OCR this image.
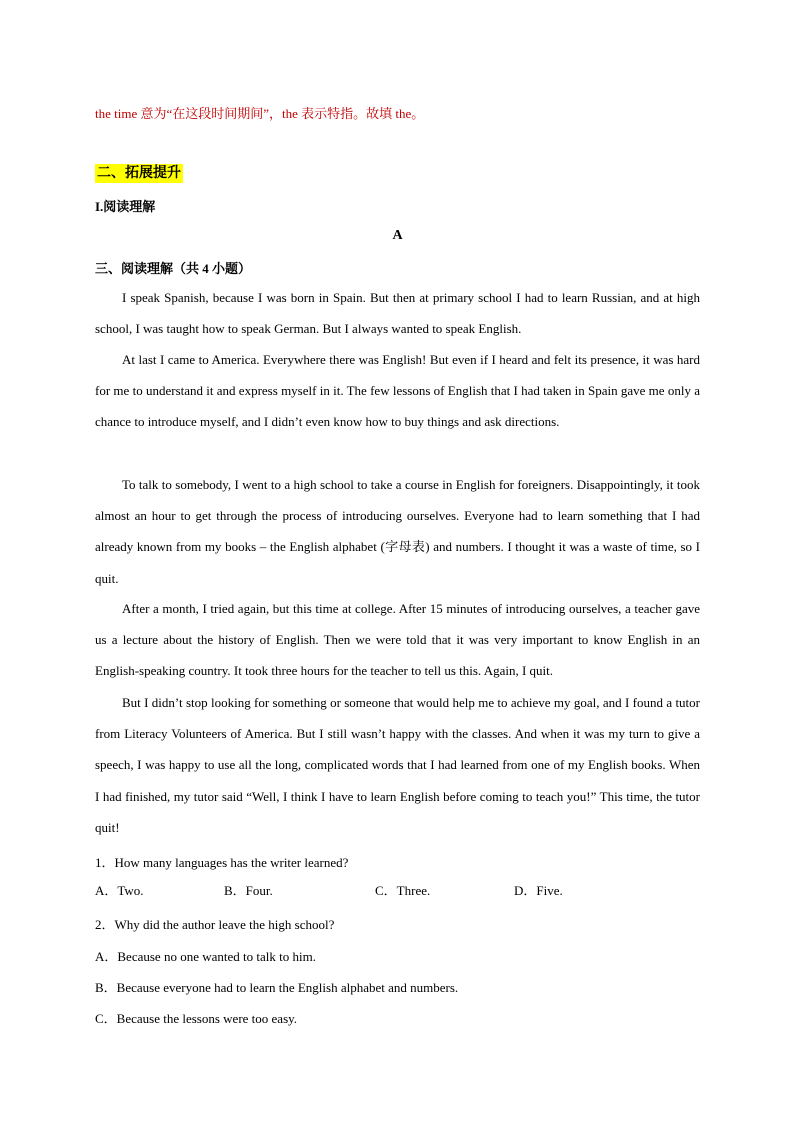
the time 意为“在这段时间期间”，the 表示特指。故填 the。
二、拓展提升
I.阅读理解
A
三、阅读理解（共 4 小题）

I speak Spanish, because I was born in Spain. But then at primary school I had to learn Russian, and at high school, I was taught how to speak German. But I always wanted to speak English.

At last I came to America. Everywhere there was English! But even if I heard and felt its presence, it was hard for me to understand it and express myself in it. The few lessons of English that I had taken in Spain gave me only a chance to introduce myself, and I didn’t even know how to buy things and ask directions.

To talk to somebody, I went to a high school to take a course in English for foreigners. Disappointingly, it took almost an hour to get through the process of introducing ourselves. Everyone had to learn something that I had already known from my books – the English alphabet (字母表) and numbers. I thought it was a waste of time, so I quit.

After a month, I tried again, but this time at college. After 15 minutes of introducing ourselves, a teacher gave us a lecture about the history of English. Then we were told that it was very important to know English in an English-speaking country. It took three hours for the teacher to tell us this. Again, I quit.

But I didn’t stop looking for something or someone that would help me to achieve my goal, and I found a tutor from Literacy Volunteers of America. But I still wasn’t happy with the classes. And when it was my turn to give a speech, I was happy to use all the long, complicated words that I had learned from one of my English books. When I had finished, my tutor said “Well, I think I have to learn English before coming to teach you!” This time, the tutor quit!

1．How many languages has the writer learned?
A．Two.	B．Four.	C．Three.	D．Five.
2．Why did the author leave the high school?
A．Because no one wanted to talk to him.
B．Because everyone had to learn the English alphabet and numbers.
C．Because the lessons were too easy.
